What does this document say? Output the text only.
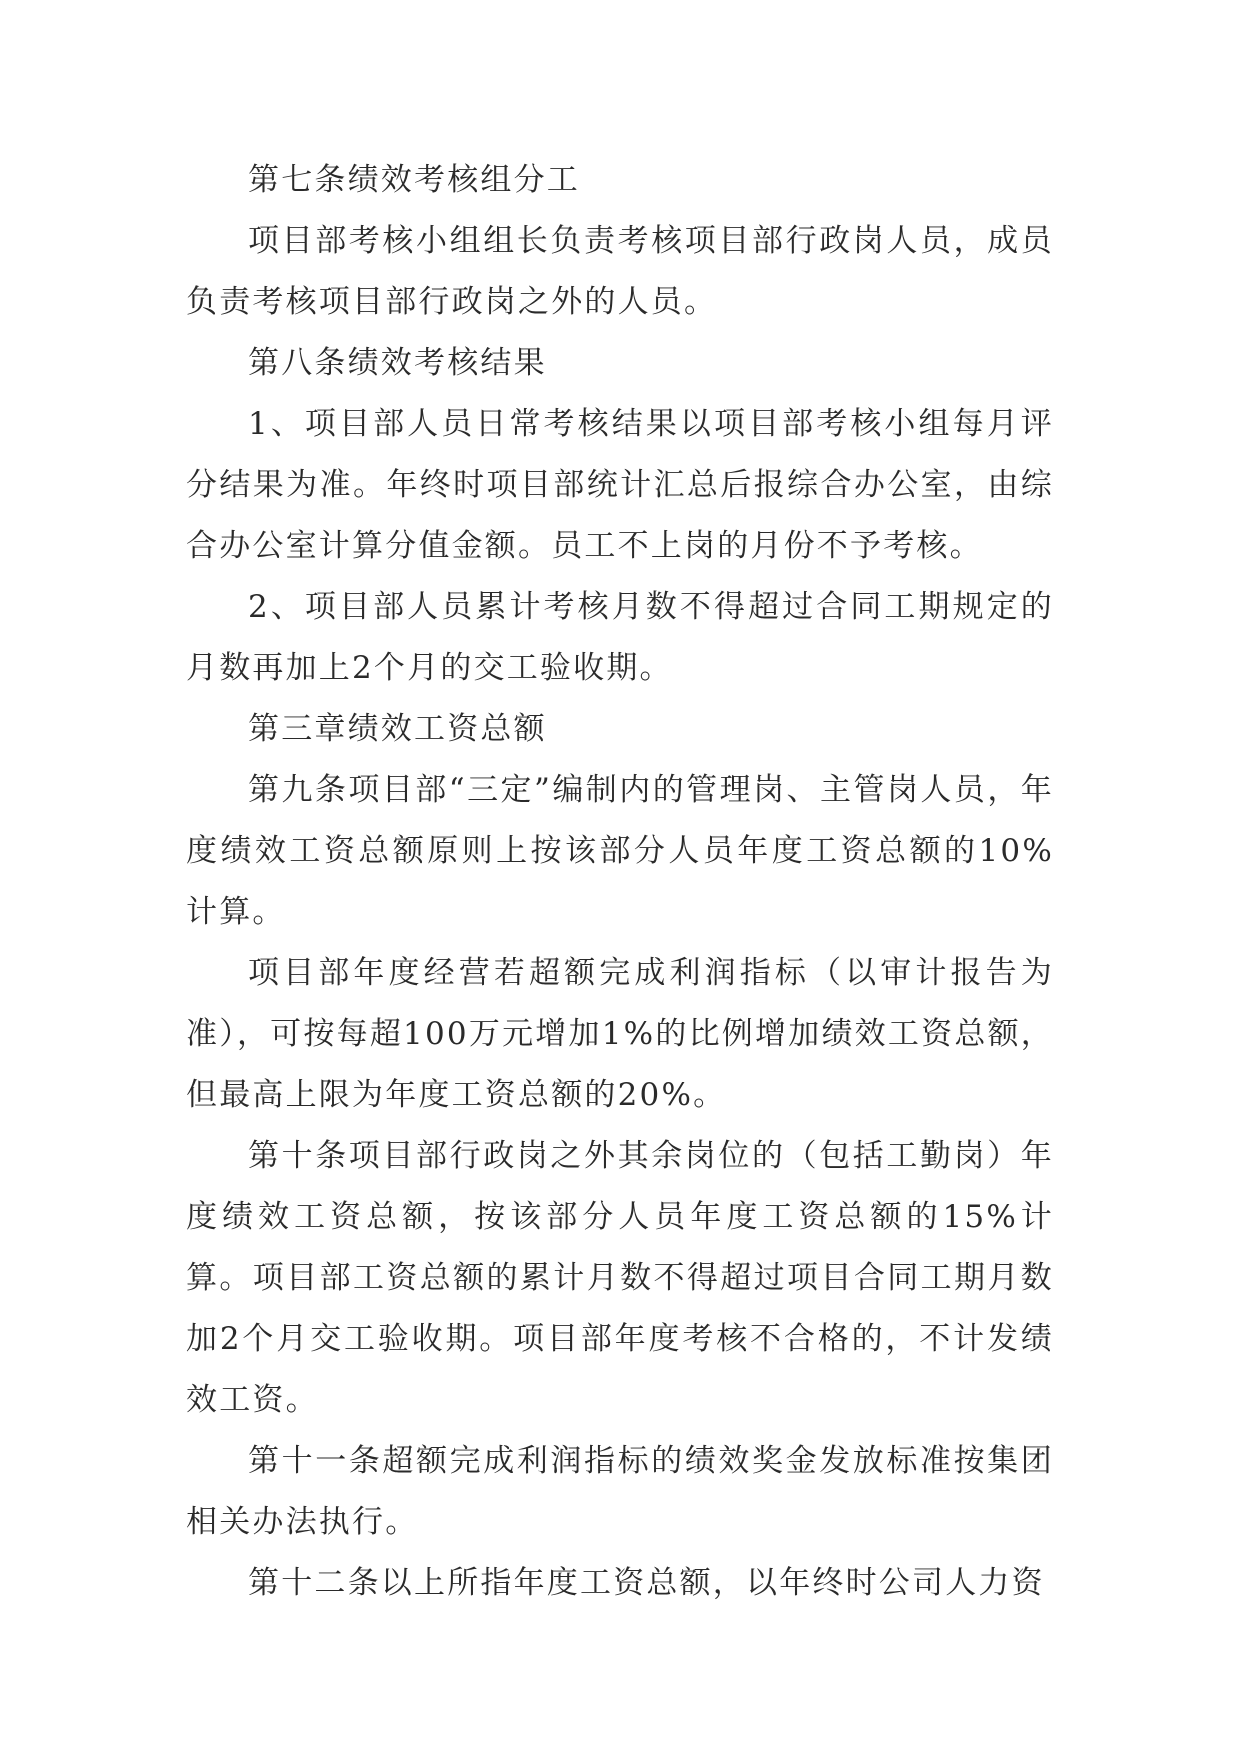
第七条绩效考核组分工

项目部考核小组组长负责考核项目部行政岗人员，成员负责考核项目部行政岗之外的人员。

第八条绩效考核结果

1、项目部人员日常考核结果以项目部考核小组每月评分结果为准。年终时项目部统计汇总后报综合办公室，由综合办公室计算分值金额。员工不上岗的月份不予考核。

2、项目部人员累计考核月数不得超过合同工期规定的月数再加上2个月的交工验收期。

第三章绩效工资总额

第九条项目部“三定”编制内的管理岗、主管岗人员，年度绩效工资总额原则上按该部分人员年度工资总额的10%计算。

项目部年度经营若超额完成利润指标（以审计报告为准），可按每超100万元增加1%的比例增加绩效工资总额，但最高上限为年度工资总额的20%。

第十条项目部行政岗之外其余岗位的（包括工勤岗）年度绩效工资总额，按该部分人员年度工资总额的15%计算。项目部工资总额的累计月数不得超过项目合同工期月数加2个月交工验收期。项目部年度考核不合格的，不计发绩效工资。

第十一条超额完成利润指标的绩效奖金发放标准按集团相关办法执行。

第十二条以上所指年度工资总额，以年终时公司人力资
